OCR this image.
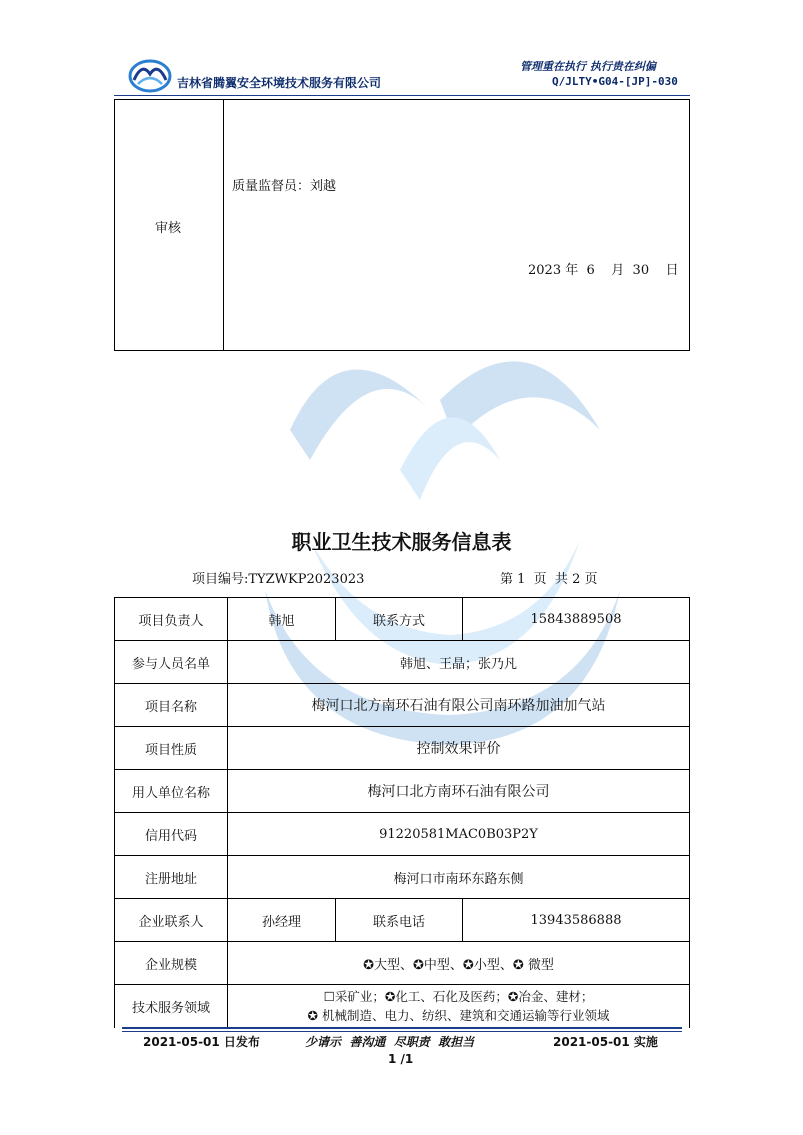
吉林省腾翼安全环境技术服务有限公司
管理重在执行 执行贵在纠偏
Q/JLTY•G04-[JP]-030
审核
质量监督员：刘越
2023 年  6    月  30    日
职业卫生技术服务信息表
项目编号:TYZWKP2023023	第 1  页  共 2 页
项目负责人	韩旭	联系方式	15843889508
参与人员名单	韩旭、王晶；张乃凡		
项目名称	梅河口北方南环石油有限公司南环路加油加气站		
项目性质	控制效果评价		
用人单位名称	梅河口北方南环石油有限公司		
信用代码	91220581MAC0B03P2Y		
注册地址	梅河口市南环东路东侧		
企业联系人	孙经理	联系电话	13943586888
企业规模	✪大型、✪中型、✪小型、✪ 微型		
技术服务领域	☐采矿业；✪化工、石化及医药；✪冶金、建材；
✪ 机械制造、电力、纺织、建筑和交通运输等行业领域		
2021-05-01 日发布	少请示  善沟通  尽职责  敢担当	2021-05-01 实施
1 /1
